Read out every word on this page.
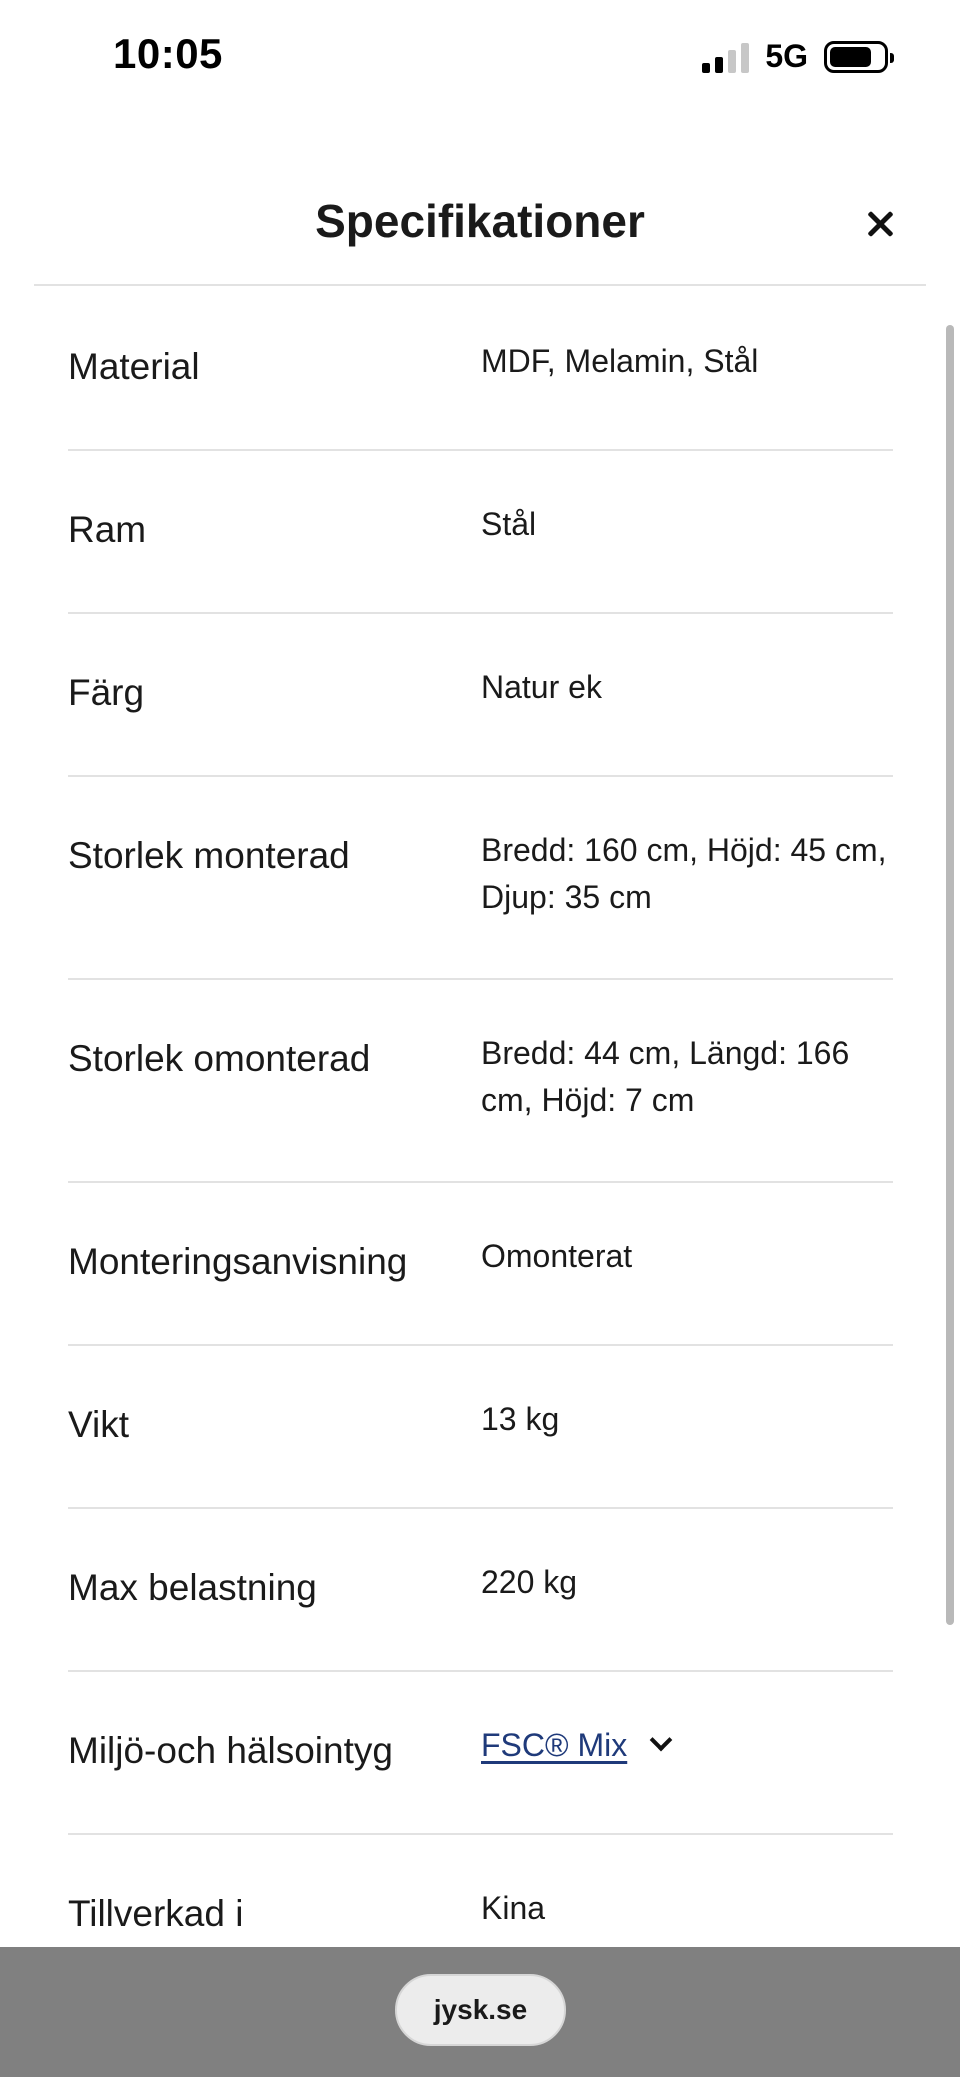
10:05	5G
Specifikationer
Material	MDF, Melamin, Stål
Ram	Stål
Färg	Natur ek
Storlek monterad	Bredd: 160 cm, Höjd: 45 cm,
Djup: 35 cm
Storlek omonterad	Bredd: 44 cm, Längd: 166
cm, Höjd: 7 cm
Monteringsanvisning	Omonterat
Vikt	13 kg
Max belastning	220 kg
Miljö-och hälsointyg	FSC® Mix
Tillverkad i	Kina
jysk.se
